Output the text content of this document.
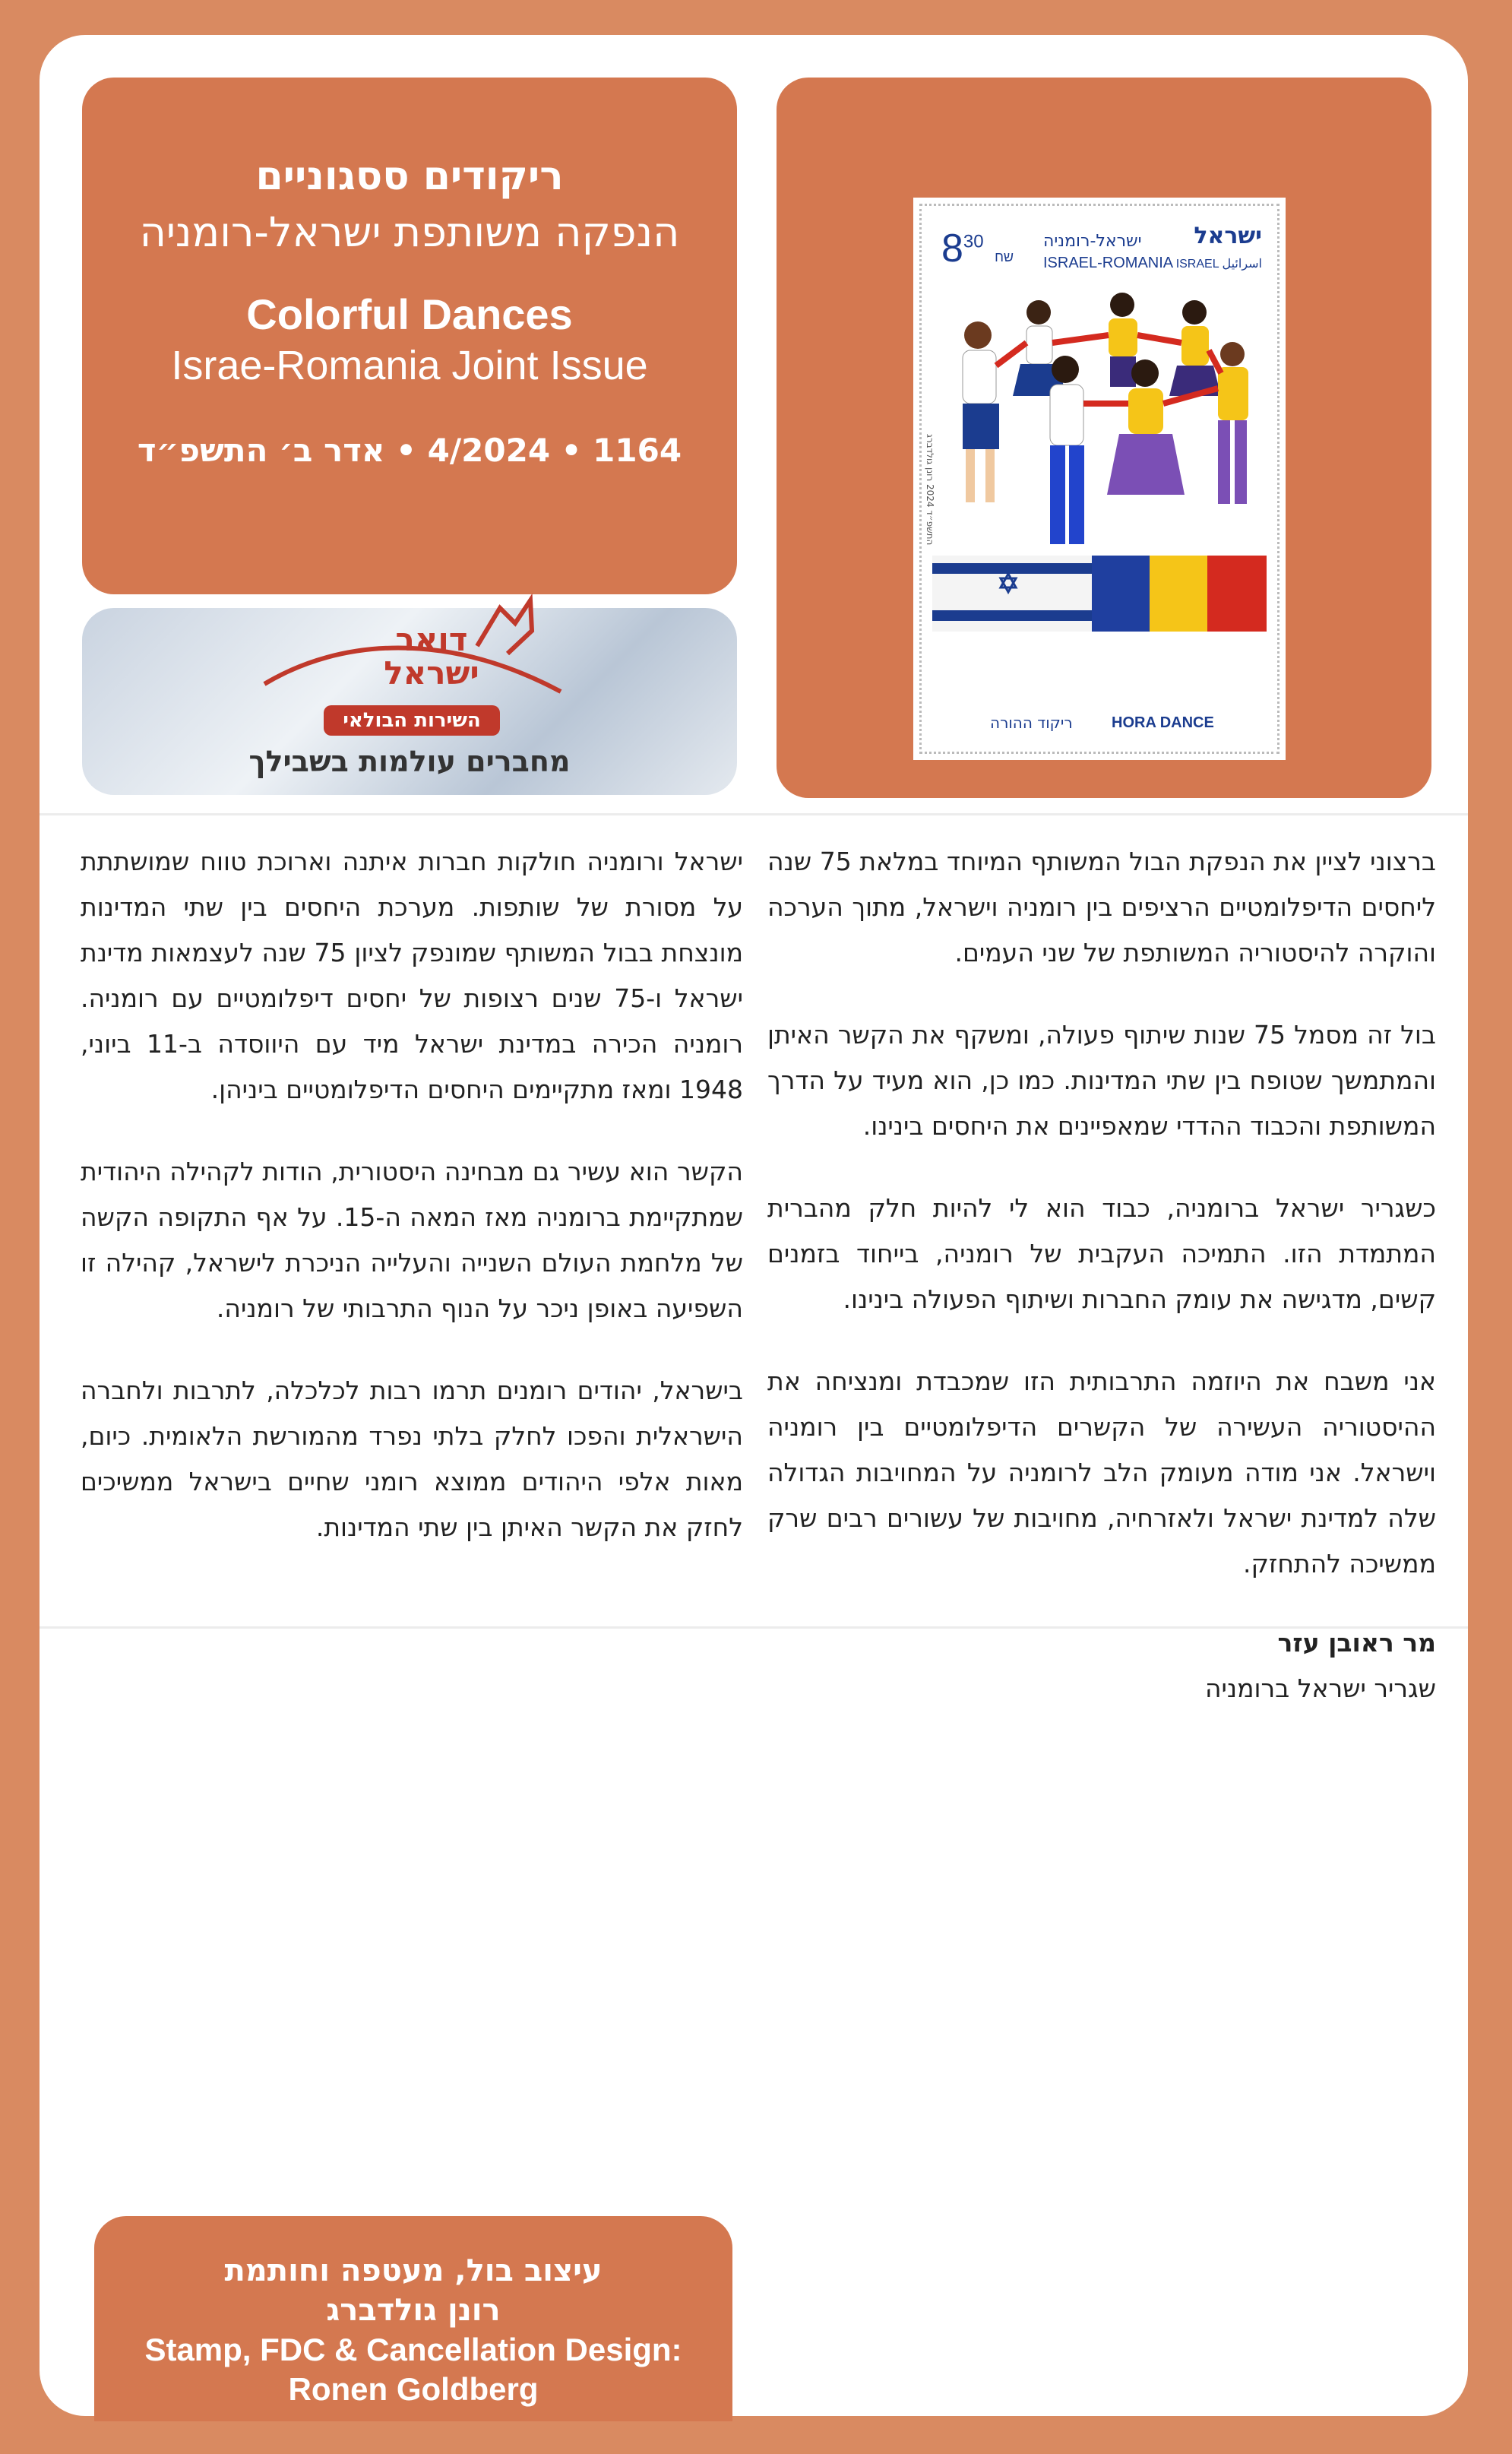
ריקודים ססגוניים
הנפקה משותפת ישראל-רומניה
Colorful Dances
Israe-Romania Joint Issue
1164 • 4/2024 • אדר ב׳ התשפ״ד
$8^{30}$ שח
ישראל-רומניה
ISRAEL-ROMANIA
ישראל
ISRAEL اسرائيل
התשפ״ד 2024 רונן גולדברג
ריקוד ההורה	HORA DANCE
דואר
ישראל
השירות הבולאי
מחברים עולמות בשבילך

ברצוני לציין את הנפקת הבול המשותף המיוחד במלאת 75 שנה ליחסים הדיפלומטיים הרציפים בין רומניה וישראל, מתוך הערכה והוקרה להיסטוריה המשותפת של שני העמים.

בול זה מסמל 75 שנות שיתוף פעולה, ומשקף את הקשר האיתן והמתמשך שטופח בין שתי המדינות. כמו כן, הוא מעיד על הדרך המשותפת והכבוד ההדדי שמאפיינים את היחסים בינינו.

כשגריר ישראל ברומניה, כבוד הוא לי להיות חלק מהברית המתמדת הזו. התמיכה העקבית של רומניה, בייחוד בזמנים קשים, מדגישה את עומק החברות ושיתוף הפעולה בינינו.

אני משבח את היוזמה התרבותית הזו שמכבדת ומנציחה את ההיסטוריה העשירה של הקשרים הדיפלומטיים בין רומניה וישראל. אני מודה מעומק הלב לרומניה על המחויבות הגדולה שלה למדינת ישראל ולאזרחיה, מחויבות של עשורים רבים שרק ממשיכה להתחזק.

מר ראובן עזר
שגריר ישראל ברומניה

ישראל ורומניה חולקות חברות איתנה וארוכת טווח שמושתתת על מסורת של שותפות. מערכת היחסים בין שתי המדינות מונצחת בבול המשותף שמונפק לציון 75 שנה לעצמאות מדינת ישראל ו-75 שנים רצופות של יחסים דיפלומטיים עם רומניה. רומניה הכירה במדינת ישראל מיד עם היווסדה ב-11 ביוני, 1948 ומאז מתקיימים היחסים הדיפלומטיים ביניהן.

הקשר הוא עשיר גם מבחינה היסטורית, הודות לקהילה היהודית שמתקיימת ברומניה מאז המאה ה-15. על אף התקופה הקשה של מלחמת העולם השנייה והעלייה הניכרת לישראל, קהילה זו השפיעה באופן ניכר על הנוף התרבותי של רומניה.

בישראל, יהודים רומנים תרמו רבות לכלכלה, לתרבות ולחברה הישראלית והפכו לחלק בלתי נפרד מהמורשת הלאומית. כיום, מאות אלפי היהודים ממוצא רומני שחיים בישראל ממשיכים לחזק את הקשר האיתן בין שתי המדינות.

עיצוב בול, מעטפה וחותמת
רונן גולדברג
Stamp, FDC & Cancellation Design:
Ronen Goldberg
